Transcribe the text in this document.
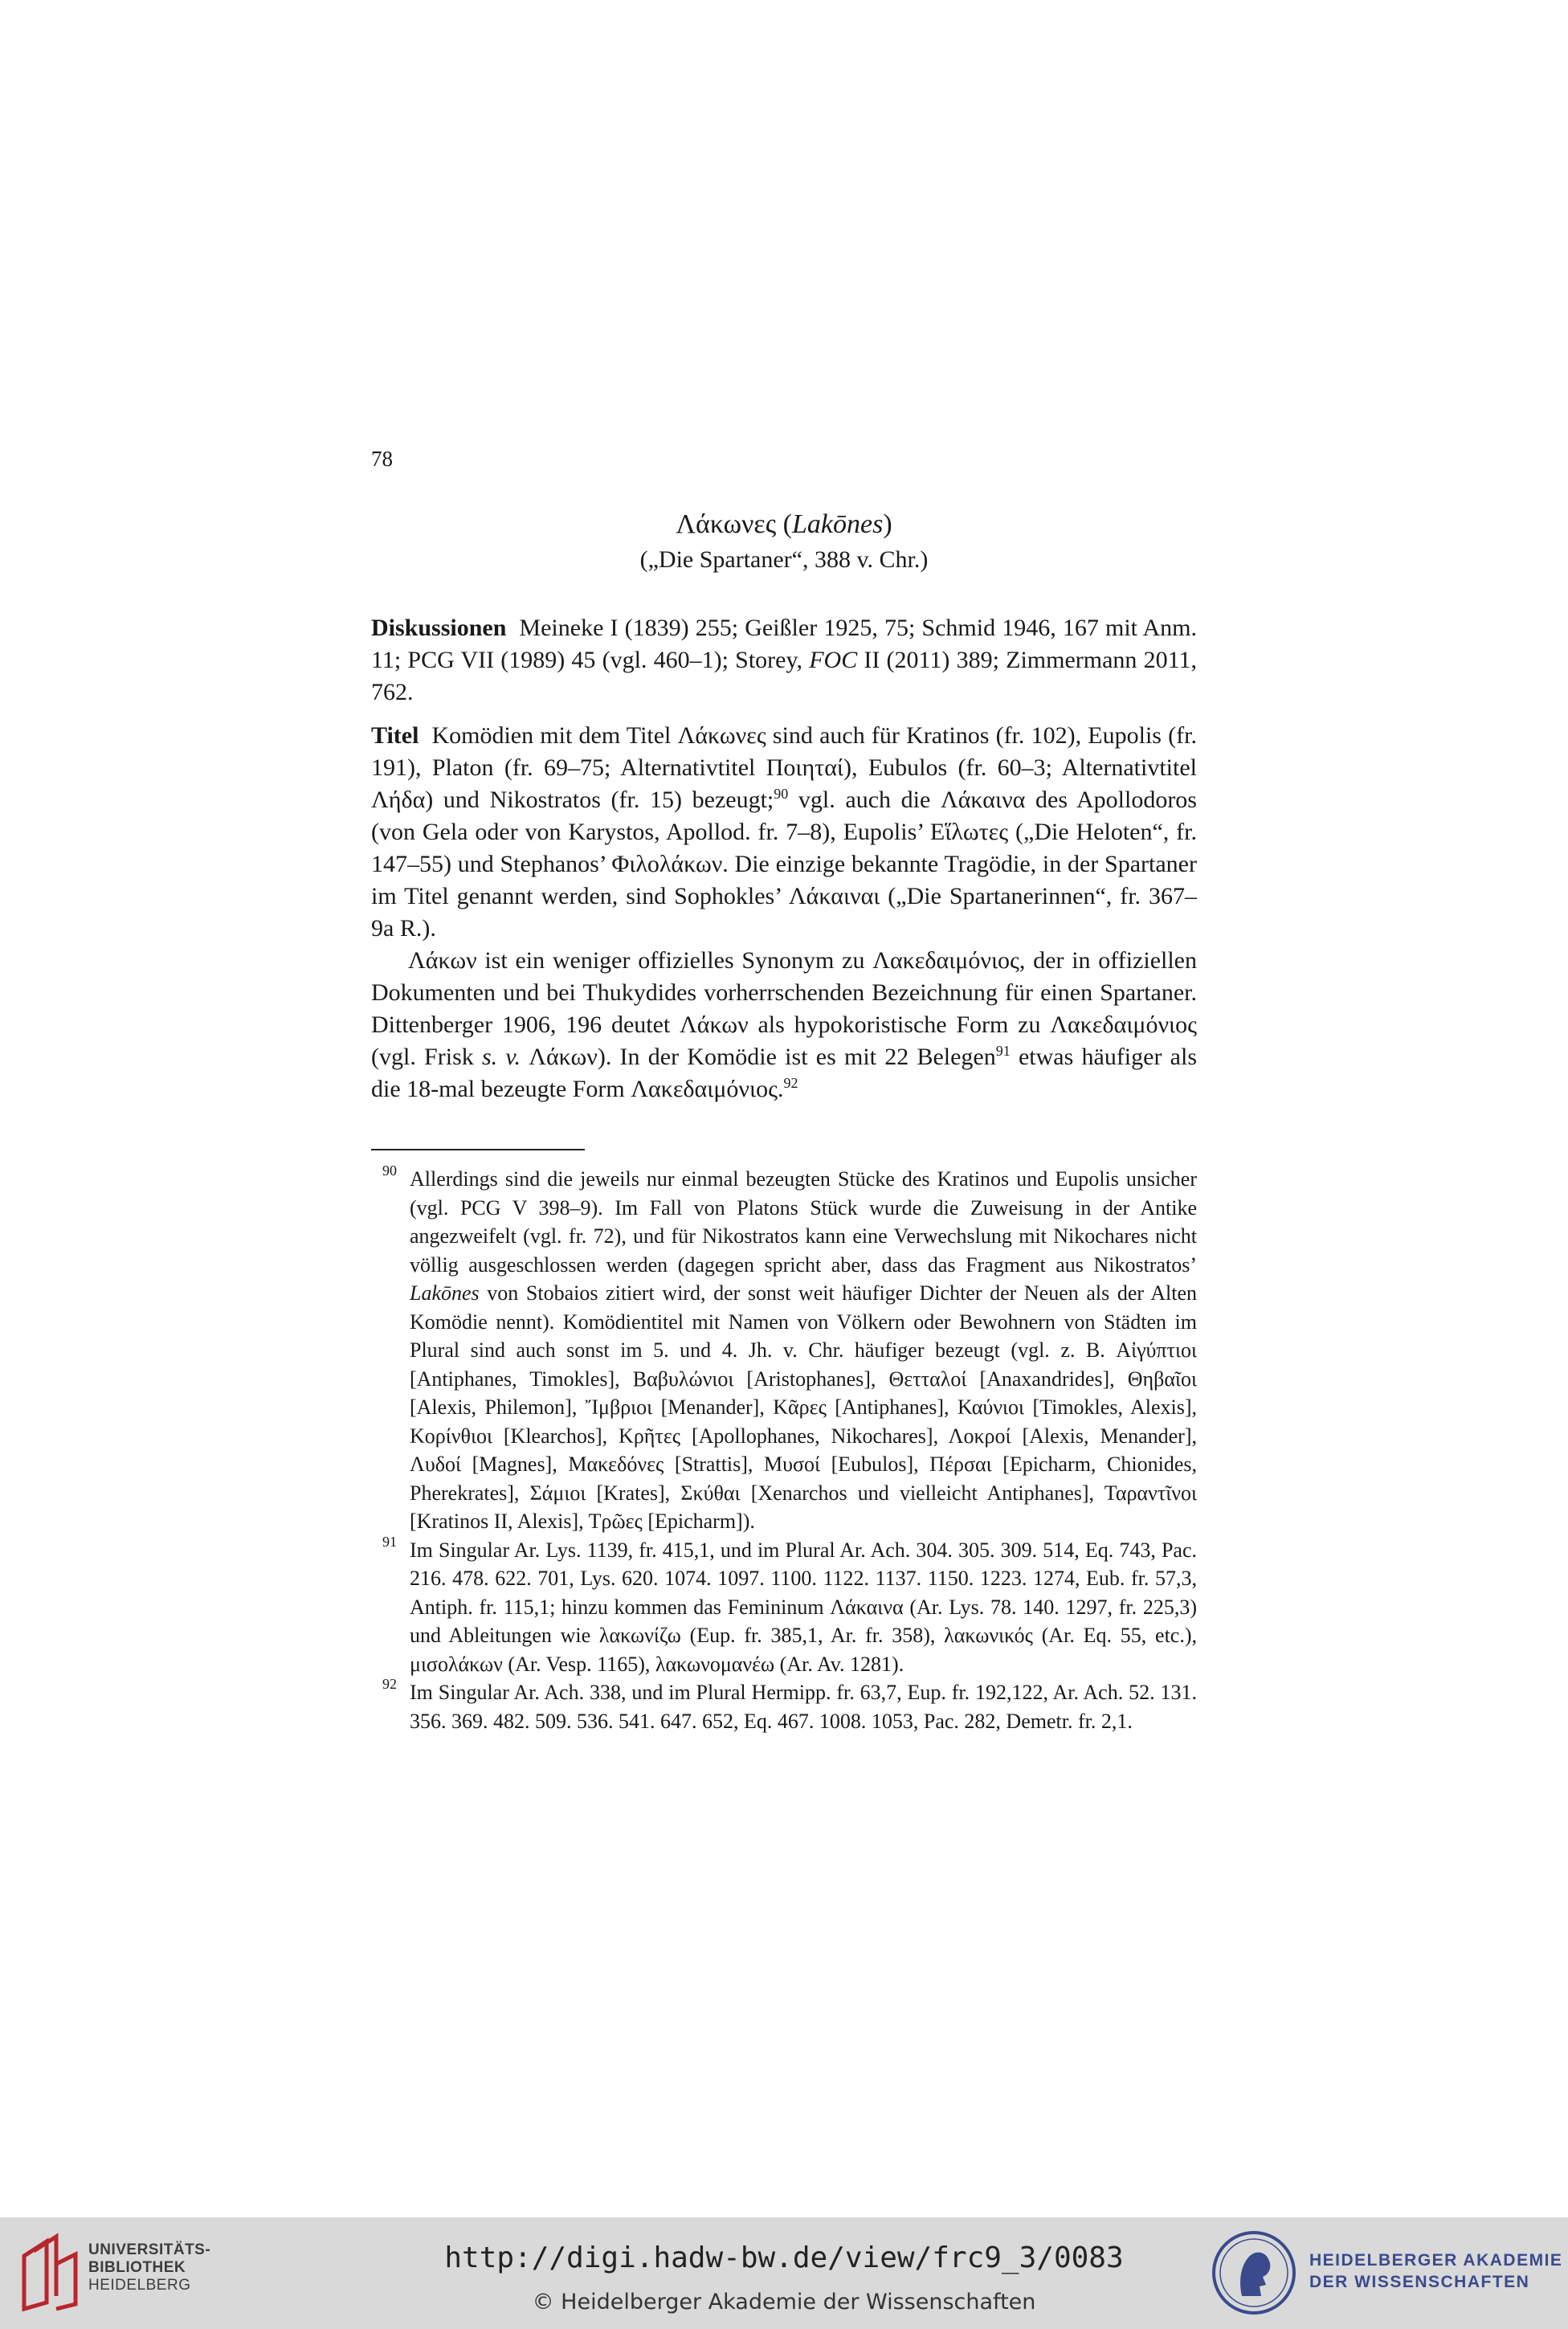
78
Λάκωνες (Lakōnes)
(„Die Spartaner“, 388 v. Chr.)

Diskussionen Meineke I (1839) 255; Geißler 1925, 75; Schmid 1946, 167 mit Anm. 11; PCG VII (1989) 45 (vgl. 460–1); Storey, FOC II (2011) 389; Zimmermann 2011, 762.

Titel Komödien mit dem Titel Λάκωνες sind auch für Kratinos (fr. 102), Eupolis (fr. 191), Platon (fr. 69–75; Alternativtitel Ποιηταί), Eubulos (fr. 60–3; Alternativtitel Λήδα) und Nikostratos (fr. 15) bezeugt;$^{90}$ vgl. auch die Λάκαινα des Apollodoros (von Gela oder von Karystos, Apollod. fr. 7–8), Eupolis’ Εἵλωτες („Die Heloten“, fr. 147–55) und Stephanos’ Φιλολάκων. Die einzige bekannte Tragödie, in der Spartaner im Titel genannt werden, sind Sophokles’ Λάκαιναι („Die Spartanerinnen“, fr. 367–9a R.).

Λάκων ist ein weniger offizielles Synonym zu Λακεδαιμόνιος, der in offiziellen Dokumenten und bei Thukydides vorherrschenden Bezeichnung für einen Spartaner. Dittenberger 1906, 196 deutet Λάκων als hypokoristische Form zu Λακεδαιμόνιος (vgl. Frisk s. v. Λάκων). In der Komödie ist es mit 22 Belegen$^{91}$ etwas häufiger als die 18-mal bezeugte Form Λακεδαιμόνιος.$^{92}$

90 Allerdings sind die jeweils nur einmal bezeugten Stücke des Kratinos und Eupolis unsicher (vgl. PCG V 398–9). Im Fall von Platons Stück wurde die Zuweisung in der Antike angezweifelt (vgl. fr. 72), und für Nikostratos kann eine Verwechslung mit Nikochares nicht völlig ausgeschlossen werden (dagegen spricht aber, dass das Fragment aus Nikostratos’ Lakōnes von Stobaios zitiert wird, der sonst weit häufiger Dichter der Neuen als der Alten Komödie nennt). Komödientitel mit Namen von Völkern oder Bewohnern von Städten im Plural sind auch sonst im 5. und 4. Jh. v. Chr. häufiger bezeugt (vgl. z. B. Αἰγύπτιοι [Antiphanes, Timokles], Βαβυλώνιοι [Aristophanes], Θετταλοί [Anaxandrides], Θηβαῖοι [Alexis, Philemon], Ἴμβριοι [Menander], Κᾶρες [Antiphanes], Καύνιοι [Timokles, Alexis], Κορίνθιοι [Klearchos], Κρῆτες [Apollophanes, Nikochares], Λοκροί [Alexis, Menander], Λυδοί [Magnes], Μακεδόνες [Strattis], Μυσοί [Eubulos], Πέρσαι [Epicharm, Chionides, Pherekrates], Σάμιοι [Krates], Σκύθαι [Xenarchos und vielleicht Antiphanes], Ταραντῖνοι [Kratinos II, Alexis], Τρῶες [Epicharm]).

91 Im Singular Ar. Lys. 1139, fr. 415,1, und im Plural Ar. Ach. 304. 305. 309. 514, Eq. 743, Pac. 216. 478. 622. 701, Lys. 620. 1074. 1097. 1100. 1122. 1137. 1150. 1223. 1274, Eub. fr. 57,3, Antiph. fr. 115,1; hinzu kommen das Femininum Λάκαινα (Ar. Lys. 78. 140. 1297, fr. 225,3) und Ableitungen wie λακωνίζω (Eup. fr. 385,1, Ar. fr. 358), λακωνικός (Ar. Eq. 55, etc.), μισολάκων (Ar. Vesp. 1165), λακωνομανέω (Ar. Av. 1281).

92 Im Singular Ar. Ach. 338, und im Plural Hermipp. fr. 63,7, Eup. fr. 192,122, Ar. Ach. 52. 131. 356. 369. 482. 509. 536. 541. 647. 652, Eq. 467. 1008. 1053, Pac. 282, Demetr. fr. 2,1.

UNIVERSITÄTS-
BIBLIOTHEK
HEIDELBERG
http://digi.hadw-bw.de/view/frc9_3/0083
© Heidelberger Akademie der Wissenschaften
HEIDELBERGER AKADEMIE
DER WISSENSCHAFTEN
